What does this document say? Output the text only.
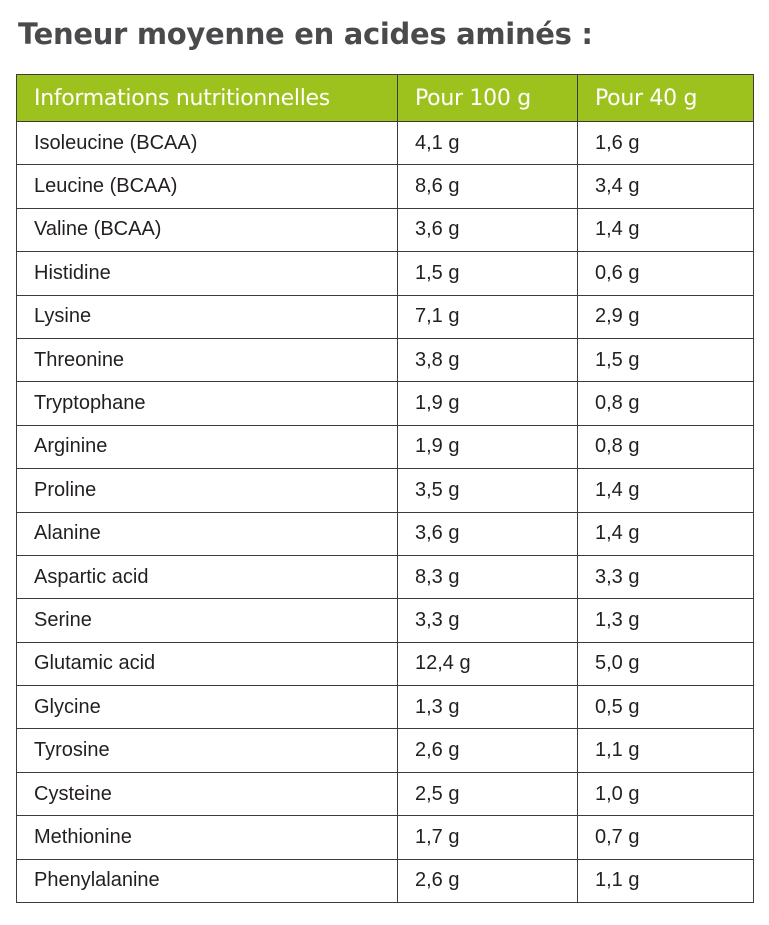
Teneur moyenne en acides aminés :
Informations nutritionnelles	Pour 100 g	Pour 40 g
Isoleucine (BCAA)	4,1 g	1,6 g
Leucine (BCAA)	8,6 g	3,4 g
Valine (BCAA)	3,6 g	1,4 g
Histidine	1,5 g	0,6 g
Lysine	7,1 g	2,9 g
Threonine	3,8 g	1,5 g
Tryptophane	1,9 g	0,8 g
Arginine	1,9 g	0,8 g
Proline	3,5 g	1,4 g
Alanine	3,6 g	1,4 g
Aspartic acid	8,3 g	3,3 g
Serine	3,3 g	1,3 g
Glutamic acid	12,4 g	5,0 g
Glycine	1,3 g	0,5 g
Tyrosine	2,6 g	1,1 g
Cysteine	2,5 g	1,0 g
Methionine	1,7 g	0,7 g
Phenylalanine	2,6 g	1,1 g
